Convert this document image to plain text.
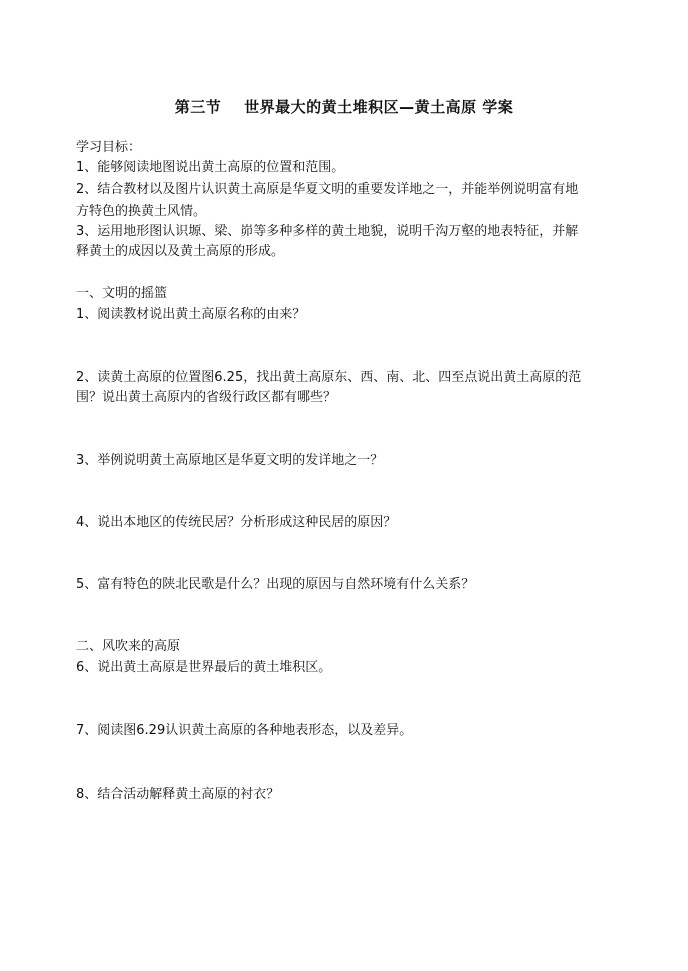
第三节    世界最大的黄土堆积区—黄土高原 学案
学习目标：
1、能够阅读地图说出黄土高原的位置和范围。
2、结合教材以及图片认识黄土高原是华夏文明的重要发详地之一，并能举例说明富有地
方特色的换黄土风情。
3、运用地形图认识塬、梁、峁等多种多样的黄土地貌，说明千沟万壑的地表特征，并解
释黄土的成因以及黄土高原的形成。
一、文明的摇篮
1、阅读教材说出黄土高原名称的由来？
2、读黄土高原的位置图6.25，找出黄土高原东、西、南、北、四至点说出黄土高原的范
围？说出黄土高原内的省级行政区都有哪些？
3、举例说明黄土高原地区是华夏文明的发详地之一？
4、说出本地区的传统民居？分析形成这种民居的原因？
5、富有特色的陕北民歌是什么？出现的原因与自然环境有什么关系？
二、风吹来的高原
6、说出黄土高原是世界最后的黄土堆积区。
7、阅读图6.29认识黄土高原的各种地表形态，以及差异。
8、结合活动解释黄土高原的衬衣？
